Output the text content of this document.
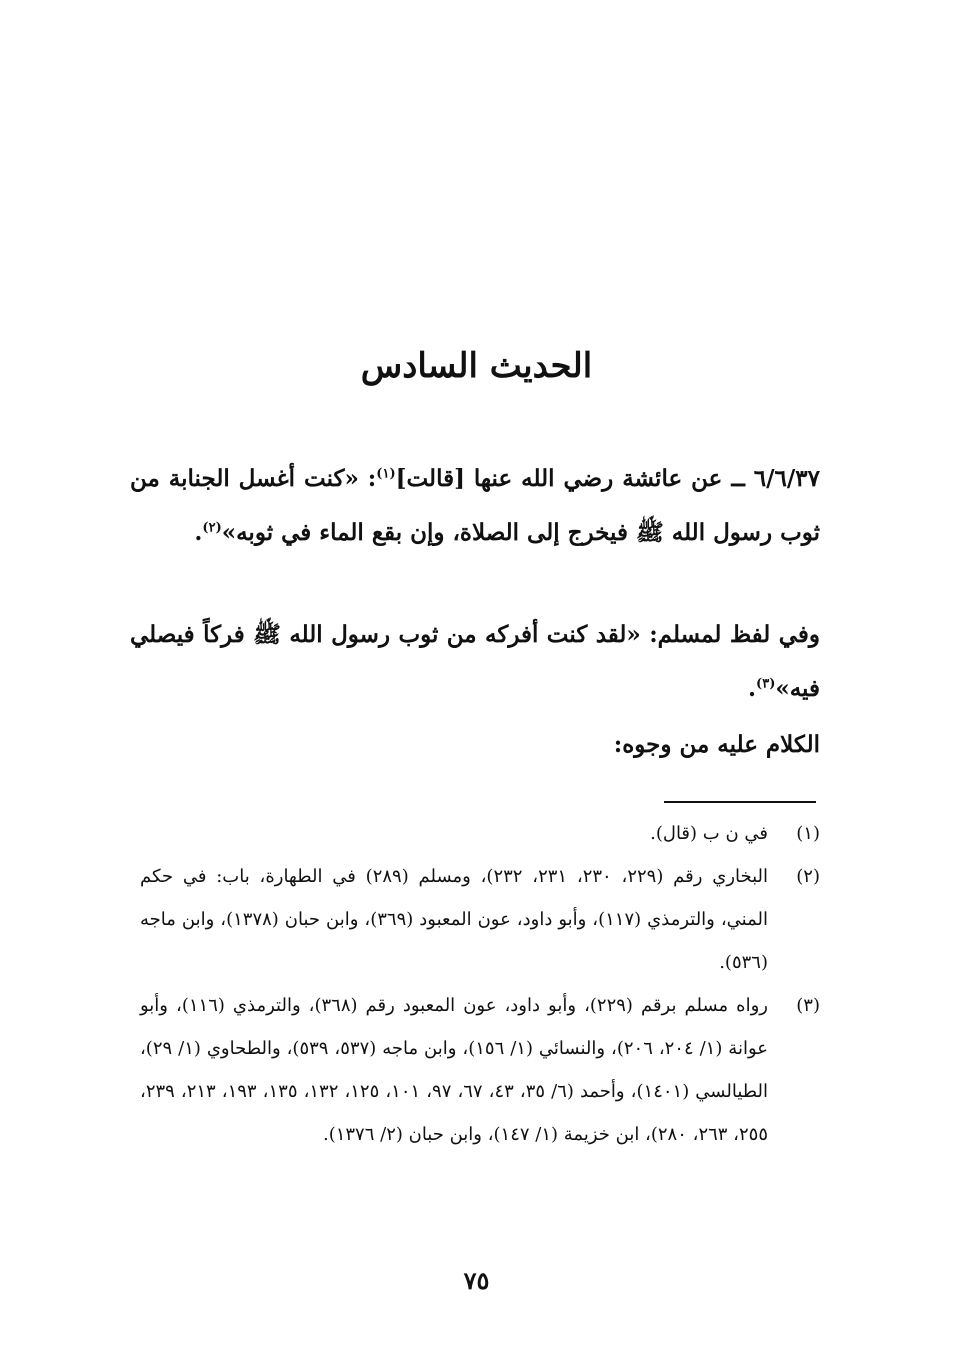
الحديث السادس
٦/٦/٣٧ ــ عن عائشة رضي الله عنها [قالت]$^{(١)}$: «كنت أغسل الجنابة من ثوب رسول الله ﷺ فيخرج إلى الصلاة، وإن بقع الماء في ثوبه»$^{(٢)}$.
وفي لفظ لمسلم: «لقد كنت أفركه من ثوب رسول الله ﷺ فركاً فيصلي فيه»$^{(٣)}$.
الكلام عليه من وجوه:
(١)
في ن ب (قال).
(٢)
البخاري رقم (٢٢٩، ٢٣٠، ٢٣١، ٢٣٢)، ومسلم (٢٨٩) في الطهارة، باب: في حكم المني، والترمذي (١١٧)، وأبو داود، عون المعبود (٣٦٩)، وابن حبان (١٣٧٨)، وابن ماجه (٥٣٦).
(٣)
رواه مسلم برقم (٢٢٩)، وأبو داود، عون المعبود رقم (٣٦٨)، والترمذي (١١٦)، وأبو عوانة (١/ ٢٠٤، ٢٠٦)، والنسائي (١/ ١٥٦)، وابن ماجه (٥٣٧، ٥٣٩)، والطحاوي (١/ ٢٩)، الطيالسي (١٤٠١)، وأحمد (٦/ ٣٥، ٤٣، ٦٧، ٩٧، ١٠١، ١٢٥، ١٣٢، ١٣٥، ١٩٣، ٢١٣، ٢٣٩، ٢٥٥، ٢٦٣، ٢٨٠)، ابن خزيمة (١/ ١٤٧)، وابن حبان (٢/ ١٣٧٦).
٧٥
